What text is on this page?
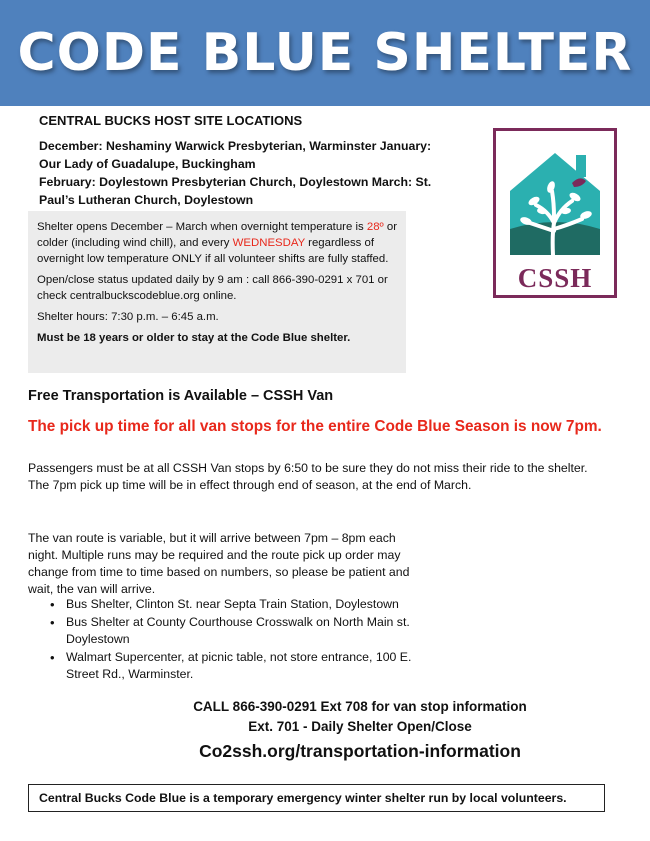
CODE BLUE SHELTER
CENTRAL BUCKS HOST SITE LOCATIONS
December: Neshaminy Warwick Presbyterian, Warminster January:
Our Lady of Guadalupe, Buckingham
February: Doylestown Presbyterian Church, Doylestown March: St.
Paul’s Lutheran Church, Doylestown
CSSH

Shelter opens December – March when overnight temperature is 28º or colder (including wind chill), and every WEDNESDAY regardless of overnight low temperature ONLY if all volunteer shifts are fully staffed.

Open/close status updated daily by 9 am : call 866-390-0291 x 701 or check centralbuckscodeblue.org online.

Shelter hours: 7:30 p.m. – 6:45 a.m.

Must be 18 years or older to stay at the Code Blue shelter.

Free Transportation is Available – CSSH Van
The pick up time for all van stops for the entire Code Blue Season is now 7pm.
Passengers must be at all CSSH Van stops by 6:50 to be sure they do not miss their ride to the shelter.
The 7pm pick up time will be in effect through end of season, at the end of March.
The van route is variable, but it will arrive between 7pm – 8pm each night. Multiple runs may be required and the route pick up order may change from time to time based on numbers, so please be patient and wait, the van will arrive.
• Bus Shelter, Clinton St. near Septa Train Station, Doylestown
• Bus Shelter at County Courthouse Crosswalk on North Main st. Doylestown
• Walmart Supercenter, at picnic table, not store entrance, 100 E. Street Rd., Warminster.
CALL 866-390-0291 Ext 708 for van stop information
Ext. 701 - Daily Shelter Open/Close
Co2ssh.org/transportation-information
Central Bucks Code Blue is a temporary emergency winter shelter run by local volunteers.
